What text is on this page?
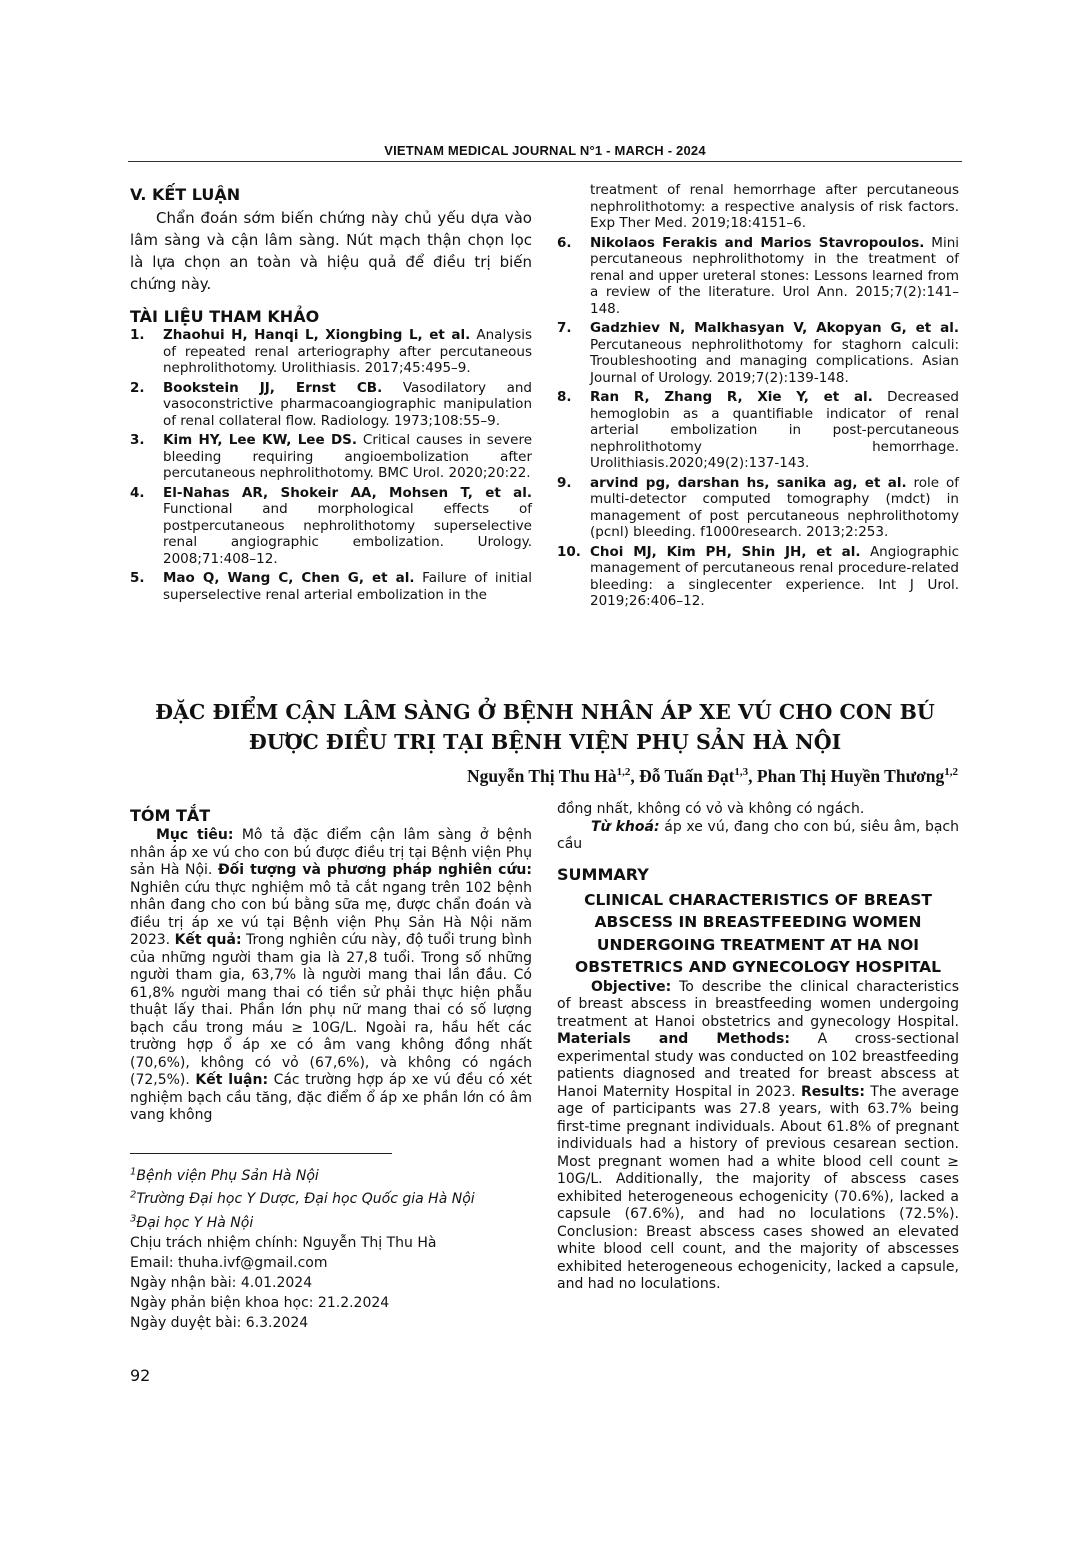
VIETNAM MEDICAL JOURNAL N°1 - MARCH - 2024
V. KẾT LUẬN

Chẩn đoán sớm biến chứng này chủ yếu dựa vào lâm sàng và cận lâm sàng. Nút mạch thận chọn lọc là lựa chọn an toàn và hiệu quả để điều trị biến chứng này.

TÀI LIỆU THAM KHẢO
1. Zhaohui H, Hanqi L, Xiongbing L, et al. Analysis of repeated renal arteriography after percutaneous nephrolithotomy. Urolithiasis. 2017;45:495–9.
2. Bookstein JJ, Ernst CB. Vasodilatory and vasoconstrictive pharmacoangiographic manipulation of renal collateral flow. Radiology. 1973;108:55–9.
3. Kim HY, Lee KW, Lee DS. Critical causes in severe bleeding requiring angioembolization after percutaneous nephrolithotomy. BMC Urol. 2020;20:22.
4. El-Nahas AR, Shokeir AA, Mohsen T, et al. Functional and morphological effects of postpercutaneous nephrolithotomy superselective renal angiographic embolization. Urology. 2008;71:408–12.
5. Mao Q, Wang C, Chen G, et al. Failure of initial superselective renal arterial embolization in the
treatment of renal hemorrhage after percutaneous nephrolithotomy: a respective analysis of risk factors. Exp Ther Med. 2019;18:4151–6.
6. Nikolaos Ferakis and Marios Stavropoulos. Mini percutaneous nephrolithotomy in the treatment of renal and upper ureteral stones: Lessons learned from a review of the literature. Urol Ann. 2015;7(2):141–148.
7. Gadzhiev N, Malkhasyan V, Akopyan G, et al. Percutaneous nephrolithotomy for staghorn calculi: Troubleshooting and managing complications. Asian Journal of Urology. 2019;7(2):139-148.
8. Ran R, Zhang R, Xie Y, et al. Decreased hemoglobin as a quantifiable indicator of renal arterial embolization in post-percutaneous nephrolithotomy hemorrhage. Urolithiasis.2020;49(2):137-143.
9. arvind pg, darshan hs, sanika ag, et al. role of multi-detector computed tomography (mdct) in management of post percutaneous nephrolithotomy (pcnl) bleeding. f1000research. 2013;2:253.
10. Choi MJ, Kim PH, Shin JH, et al. Angiographic management of percutaneous renal procedure-related bleeding: a singlecenter experience. Int J Urol. 2019;26:406–12.
ĐẶC ĐIỂM CẬN LÂM SÀNG Ở BỆNH NHÂN ÁP XE VÚ CHO CON BÚ
ĐƯỢC ĐIỀU TRỊ TẠI BỆNH VIỆN PHỤ SẢN HÀ NỘI
Nguyễn Thị Thu Hà$^{1,2}$, Đỗ Tuấn Đạt$^{1,3}$, Phan Thị Huyền Thương$^{1,2}$
TÓM TẮT

Mục tiêu: Mô tả đặc điểm cận lâm sàng ở bệnh nhân áp xe vú cho con bú được điều trị tại Bệnh viện Phụ sản Hà Nội. Đối tượng và phương pháp nghiên cứu: Nghiên cứu thực nghiệm mô tả cắt ngang trên 102 bệnh nhân đang cho con bú bằng sữa mẹ, được chẩn đoán và điều trị áp xe vú tại Bệnh viện Phụ Sản Hà Nội năm 2023. Kết quả: Trong nghiên cứu này, độ tuổi trung bình của những người tham gia là 27,8 tuổi. Trong số những người tham gia, 63,7% là người mang thai lần đầu. Có 61,8% người mang thai có tiền sử phải thực hiện phẫu thuật lấy thai. Phần lớn phụ nữ mang thai có số lượng bạch cầu trong máu ≥ 10G/L. Ngoài ra, hầu hết các trường hợp ổ áp xe có âm vang không đồng nhất (70,6%), không có vỏ (67,6%), và không có ngách (72,5%). Kết luận: Các trường hợp áp xe vú đều có xét nghiệm bạch cầu tăng, đặc điểm ổ áp xe phần lớn có âm vang không

đồng nhất, không có vỏ và không có ngách.

Từ khoá: áp xe vú, đang cho con bú, siêu âm, bạch cầu

SUMMARY
CLINICAL CHARACTERISTICS OF BREAST ABSCESS IN BREASTFEEDING WOMEN UNDERGOING TREATMENT AT HA NOI OBSTETRICS AND GYNECOLOGY HOSPITAL

Objective: To describe the clinical characteristics of breast abscess in breastfeeding women undergoing treatment at Hanoi obstetrics and gynecology Hospital. Materials and Methods: A cross-sectional experimental study was conducted on 102 breastfeeding patients diagnosed and treated for breast abscess at Hanoi Maternity Hospital in 2023. Results: The average age of participants was 27.8 years, with 63.7% being first-time pregnant individuals. About 61.8% of pregnant individuals had a history of previous cesarean section. Most pregnant women had a white blood cell count ≥ 10G/L. Additionally, the majority of abscess cases exhibited heterogeneous echogenicity (70.6%), lacked a capsule (67.6%), and had no loculations (72.5%). Conclusion: Breast abscess cases showed an elevated white blood cell count, and the majority of abscesses exhibited heterogeneous echogenicity, lacked a capsule, and had no loculations.

$^1$Bệnh viện Phụ Sản Hà Nội
$^2$Trường Đại học Y Dược, Đại học Quốc gia Hà Nội
$^3$Đại học Y Hà Nội
Chịu trách nhiệm chính: Nguyễn Thị Thu Hà
Email: thuha.ivf@gmail.com
Ngày nhận bài: 4.01.2024
Ngày phản biện khoa học: 21.2.2024
Ngày duyệt bài: 6.3.2024
92
